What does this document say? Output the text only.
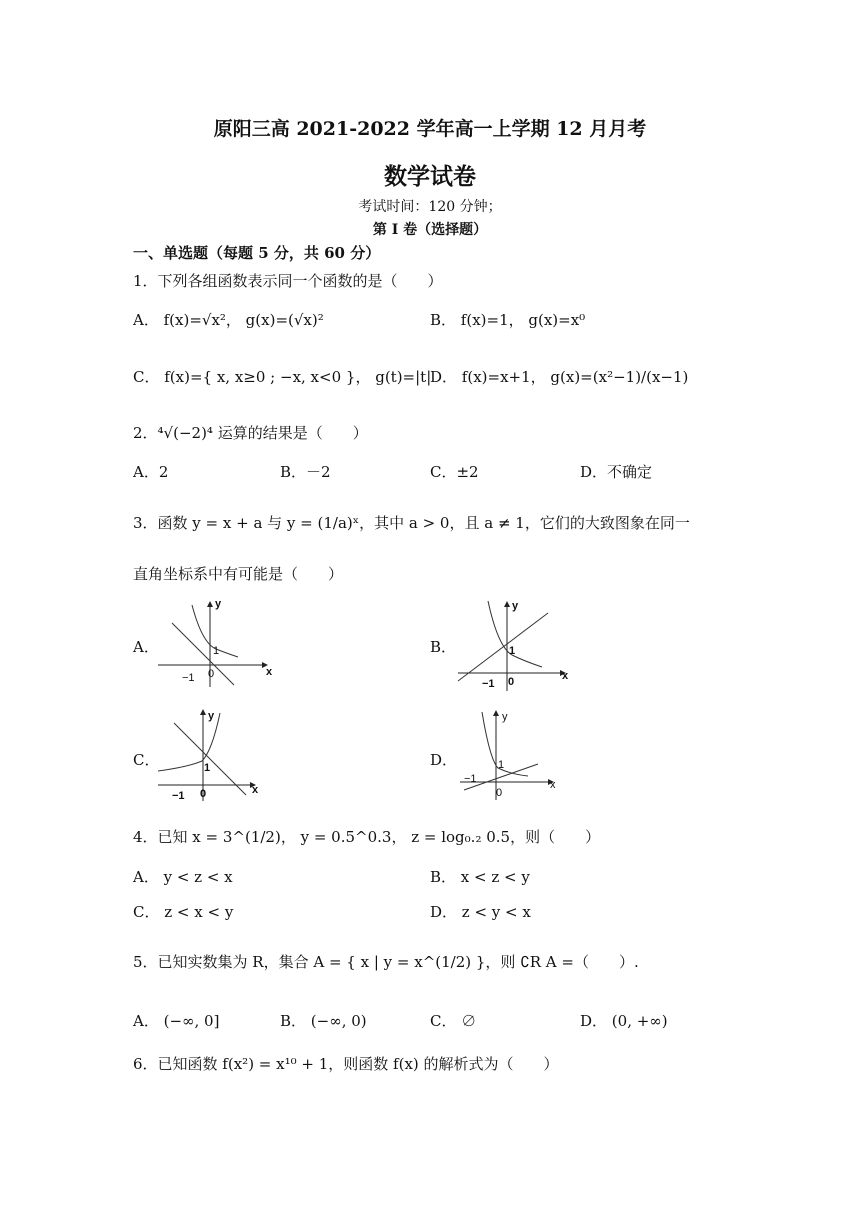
原阳三高 2021-2022 学年高一上学期 12 月月考
数学试卷
考试时间：120 分钟；
第 I 卷（选择题）
一、单选题（每题 5 分，共 60 分）
1．下列各组函数表示同一个函数的是（　　）
A． f(x)=√x²， g(x)=(√x)²	B． f(x)=1， g(x)=x⁰
C． f(x)={ x, x≥0 ; −x, x<0 }， g(t)=|t|
D． f(x)=x+1， g(x)=(x²−1)/(x−1)
2．⁴√(−2)⁴ 运算的结果是（　　）
A．2	B．－2	C．±2	D．不确定
3．函数 y = x + a 与 y = (1/a)ˣ，其中 a > 0，且 a ≠ 1，它们的大致图象在同一
直角坐标系中有可能是（　　）
A．	B．
C．	D．
y
x
1
−1 0
y
x
1
−1 0
y
x
1
−1 0
y
x
1
−1
0
4．已知 x = 3^(1/2)， y = 0.5^0.3， z = log₀.₂ 0.5，则（　　）
A． y < z < x	B． x < z < y
C． z < x < y	D． z < y < x
5．已知实数集为 R，集合 A = { x | y = x^(1/2) }，则 ∁R A =（　　）.
A． (−∞, 0]	B． (−∞, 0)	C． ∅	D． (0, +∞)
6．已知函数 f(x²) = x¹⁰ + 1，则函数 f(x) 的解析式为（　　）
